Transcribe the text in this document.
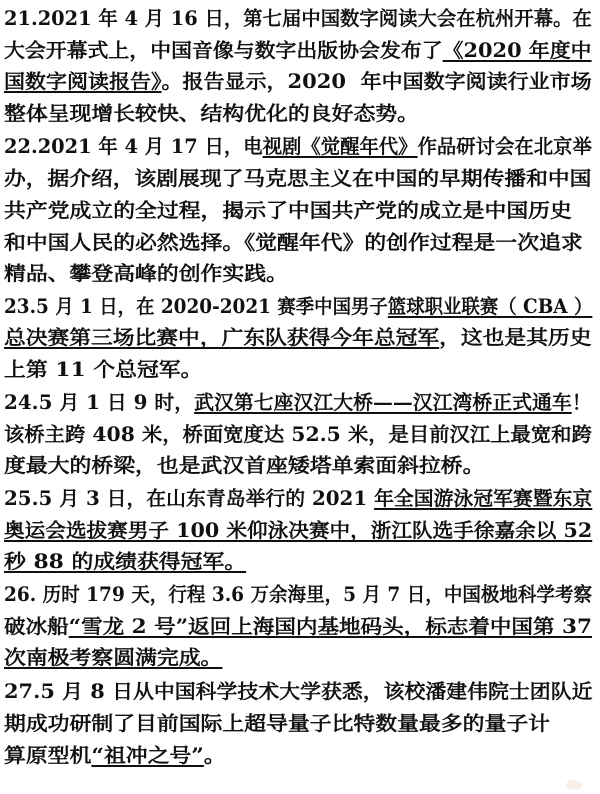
21.2021 年 4 月 16 日，第七届中国数字阅读大会在杭州开幕。在
大会开幕式上，中国音像与数字出版协会发布了《2020 年度中
国数字阅读报告》。报告显示，2020  年中国数字阅读行业市场
整体呈现增长较快、结构优化的良好态势。
22.2021 年 4 月 17 日，电视剧《觉醒年代》作品研讨会在北京举
办，据介绍，该剧展现了马克思主义在中国的早期传播和中国
共产党成立的全过程，揭示了中国共产党的成立是中国历史
和中国人民的必然选择。《觉醒年代》的创作过程是一次追求
精品、攀登高峰的创作实践。
23.5 月 1 日，在 2020-2021 赛季中国男子篮球职业联赛（ CBA ）
总决赛第三场比赛中，广东队获得今年总冠军，这也是其历史
上第 11 个总冠军。
24.5 月 1 日 9 时，武汉第七座汉江大桥——汉江湾桥正式通车！
该桥主跨 408 米，桥面宽度达 52.5 米，是目前汉江上最宽和跨
度最大的桥梁，也是武汉首座矮塔单索面斜拉桥。
25.5 月 3 日，在山东青岛举行的 2021 年全国游泳冠军赛暨东京
奥运会选拔赛男子 100 米仰泳决赛中，浙江队选手徐嘉余以 52
秒 88 的成绩获得冠军。
26. 历时 179 天，行程 3.6 万余海里，5 月 7 日，中国极地科学考察
破冰船“雪龙 2 号”返回上海国内基地码头，标志着中国第 37
次南极考察圆满完成。
27.5 月 8 日从中国科学技术大学获悉，该校潘建伟院士团队近
期成功研制了目前国际上超导量子比特数量最多的量子计
算原型机“祖冲之号”。
